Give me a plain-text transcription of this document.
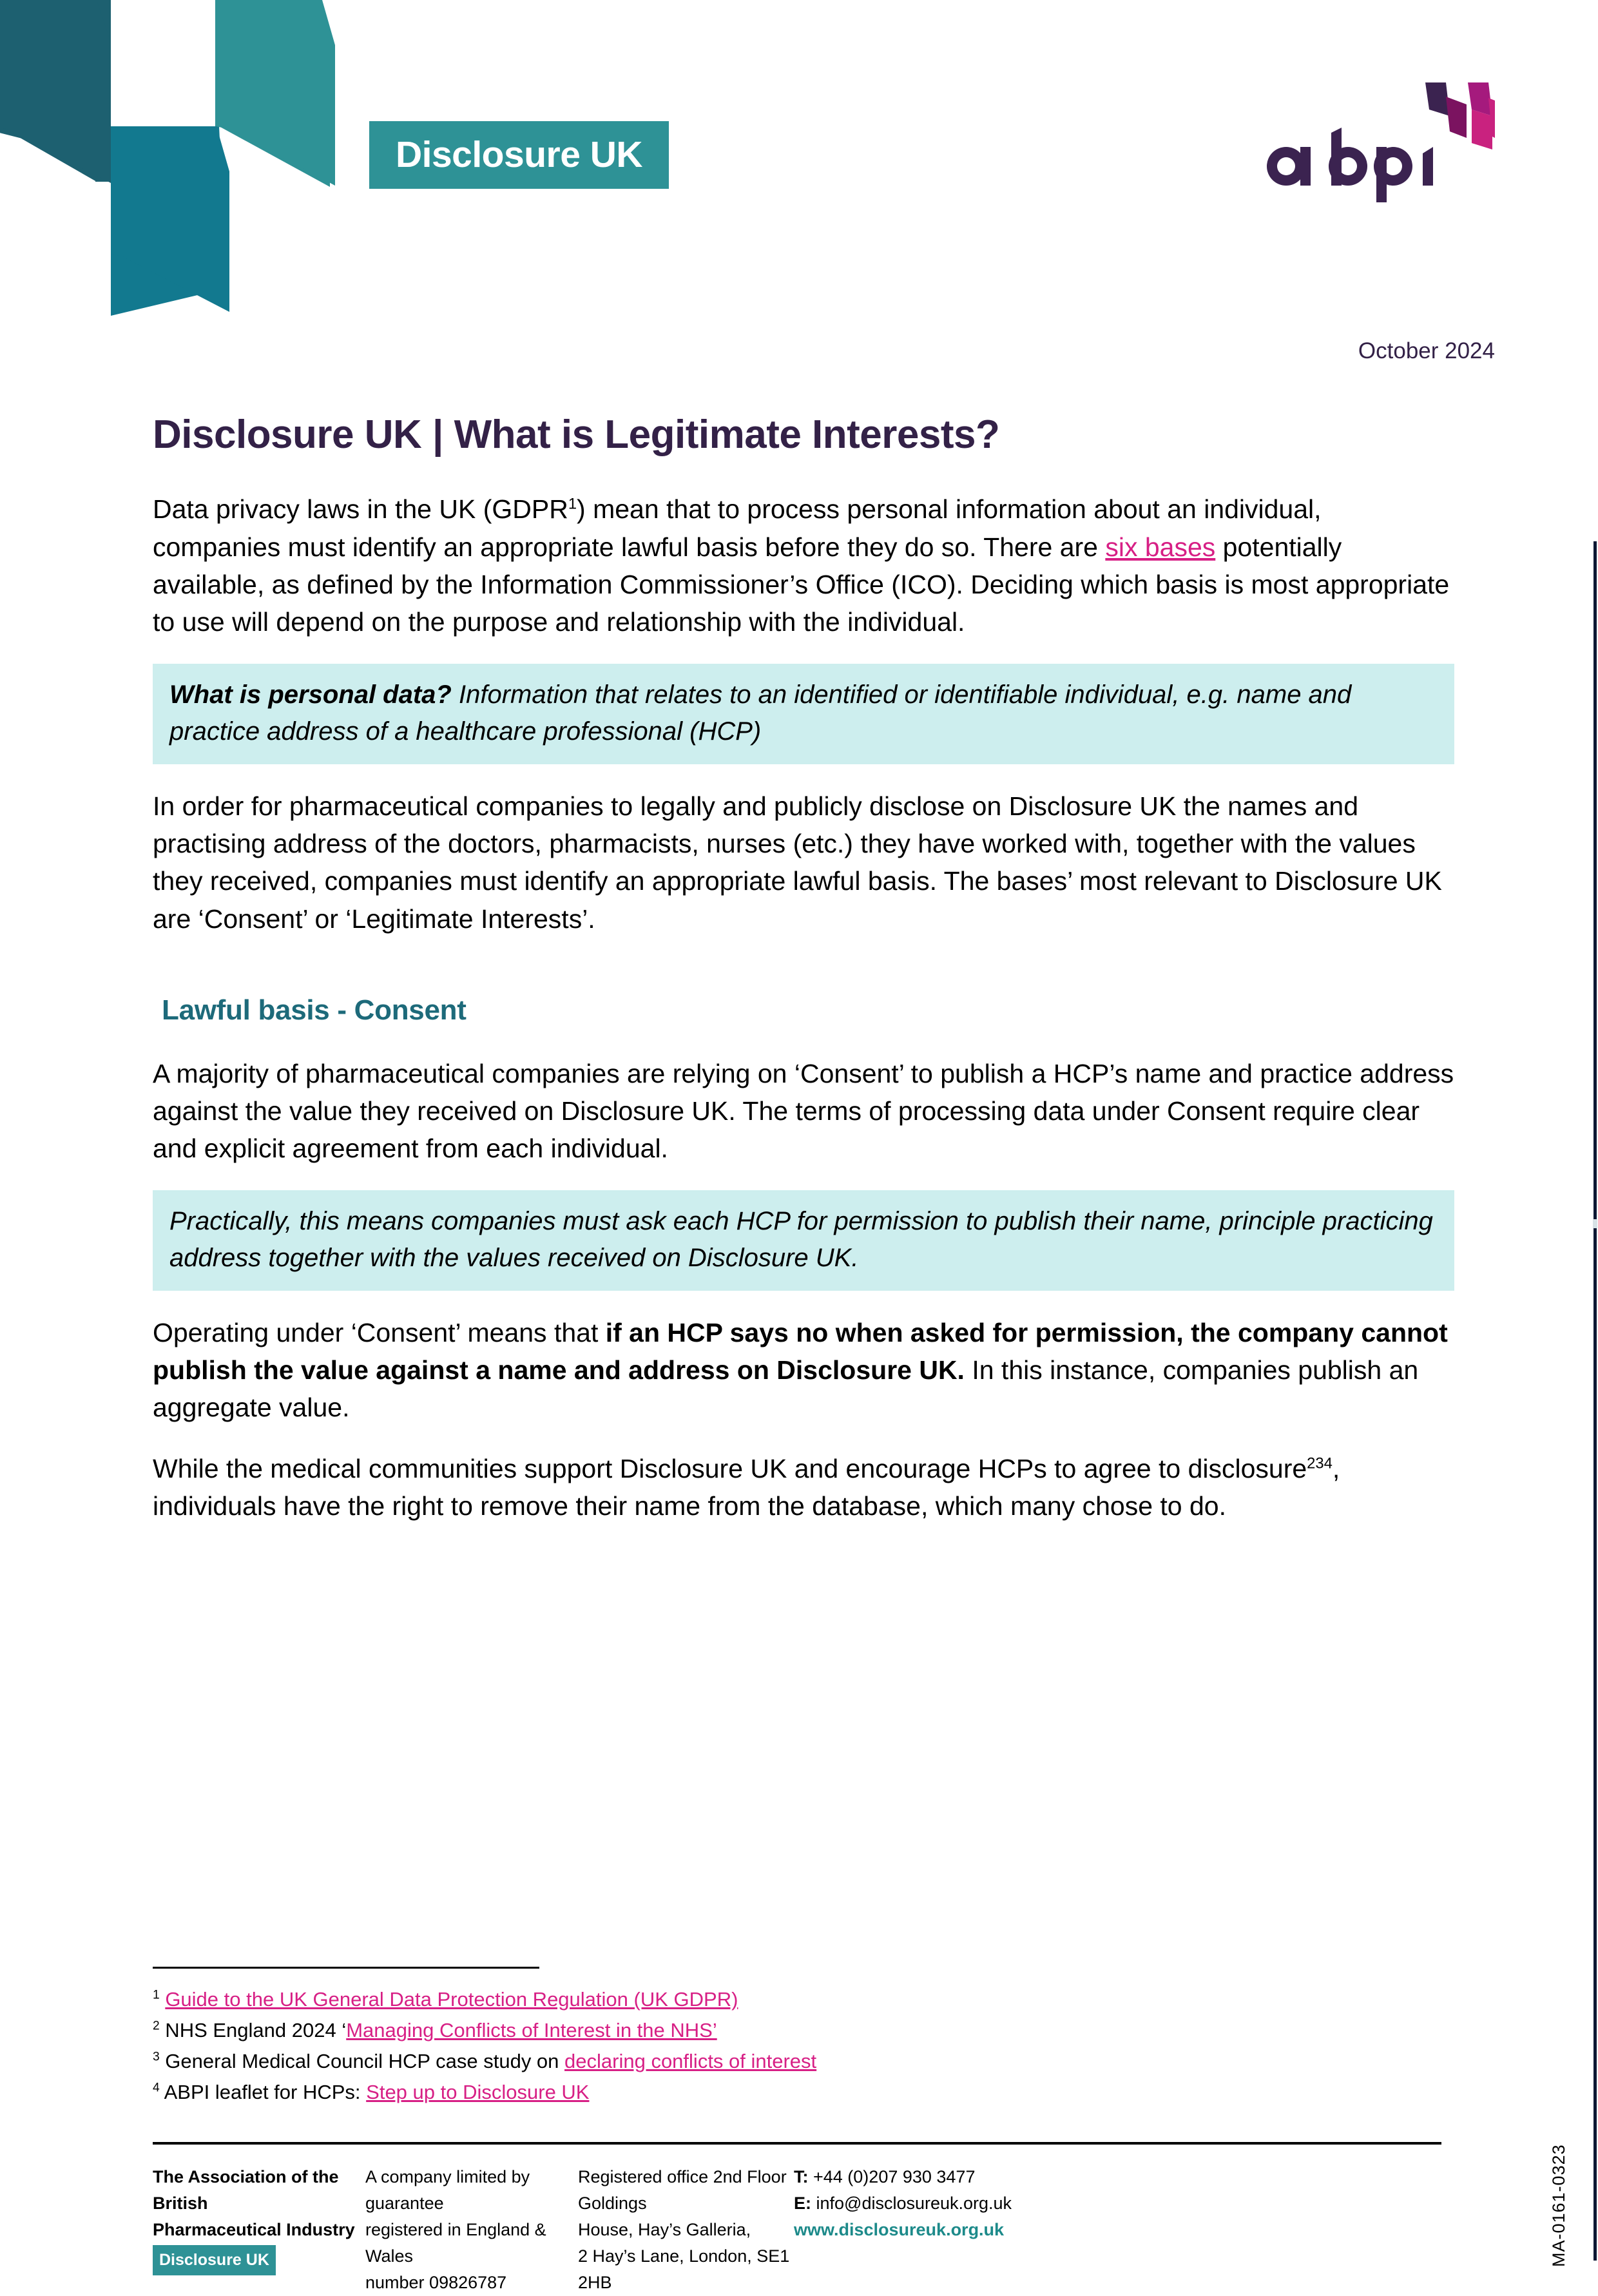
Disclosure UK
October 2024
Disclosure UK | What is Legitimate Interests?

Data privacy laws in the UK (GDPR$^1$) mean that to process personal information about an individual, companies must identify an appropriate lawful basis before they do so. There are six bases potentially available, as defined by the Information Commissioner’s Office (ICO). Deciding which basis is most appropriate to use will depend on the purpose and relationship with the individual.

What is personal data? Information that relates to an identified or identifiable individual, e.g. name and practice address of a healthcare professional (HCP)

In order for pharmaceutical companies to legally and publicly disclose on Disclosure UK the names and practising address of the doctors, pharmacists, nurses (etc.) they have worked with, together with the values they received, companies must identify an appropriate lawful basis. The bases’ most relevant to Disclosure UK are ‘Consent’ or ‘Legitimate Interests’.

Lawful basis - Consent

A majority of pharmaceutical companies are relying on ‘Consent’ to publish a HCP’s name and practice address against the value they received on Disclosure UK. The terms of processing data under Consent require clear and explicit agreement from each individual.

Practically, this means companies must ask each HCP for permission to publish their name, principle practicing address together with the values received on Disclosure UK.

Operating under ‘Consent’ means that if an HCP says no when asked for permission, the company cannot publish the value against a name and address on Disclosure UK. In this instance, companies publish an aggregate value.

While the medical communities support Disclosure UK and encourage HCPs to agree to disclosure$^{234}$, individuals have the right to remove their name from the database, which many chose to do.

$^1$ Guide to the UK General Data Protection Regulation (UK GDPR)

$^2$ NHS England 2024 ‘Managing Conflicts of Interest in the NHS’

$^3$ General Medical Council HCP case study on declaring conflicts of interest

$^4$ ABPI leaflet for HCPs: Step up to Disclosure UK

The Association of the British
Pharmaceutical Industry
Disclosure UK
A company limited by guarantee
registered in England & Wales
number 09826787
Registered office 2nd Floor Goldings
House, Hay’s Galleria,
2 Hay’s Lane, London, SE1 2HB
T: +44 (0)207 930 3477
E: info@disclosureuk.org.uk
www.disclosureuk.org.uk	MA-0161-0323
